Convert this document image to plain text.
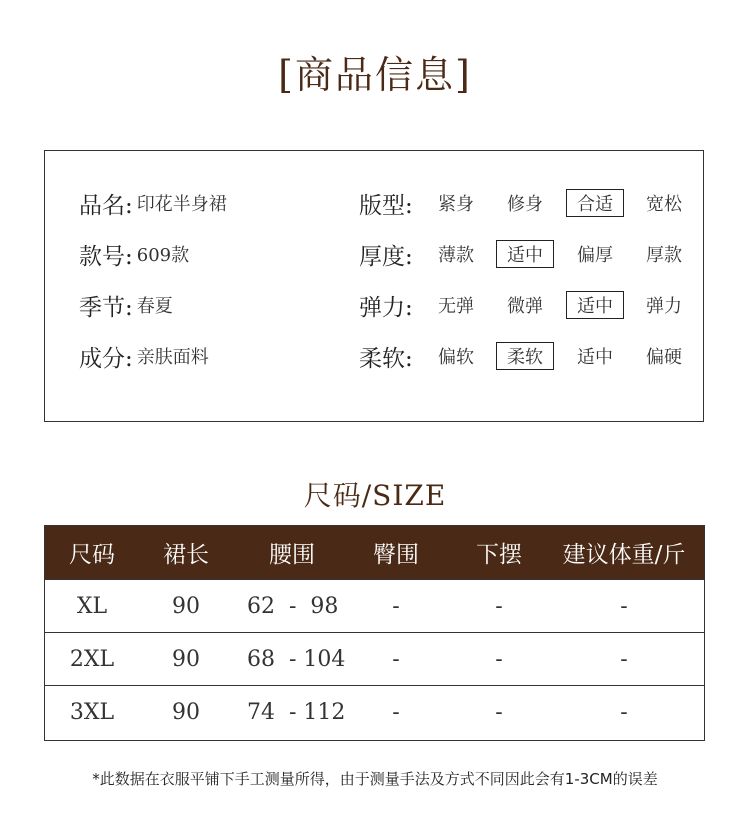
[商品信息]
品名: 印花半身裙	版型:	紧身	修身	合适	宽松
款号: 609款	厚度:	薄款	适中	偏厚	厚款
季节: 春夏	弹力:	无弹	微弹	适中	弹力
成分: 亲肤面料	柔软:	偏软	柔软	适中	偏硬
尺码/SIZE
尺码	裙长	腰围	臀围	下摆	建议体重/斤
XL	90	62  -  98	-	-	-
2XL	90	68  - 104	-	-	-
3XL	90	74  - 112	-	-	-
*此数据在衣服平铺下手工测量所得，由于测量手法及方式不同因此会有1-3CM的误差
